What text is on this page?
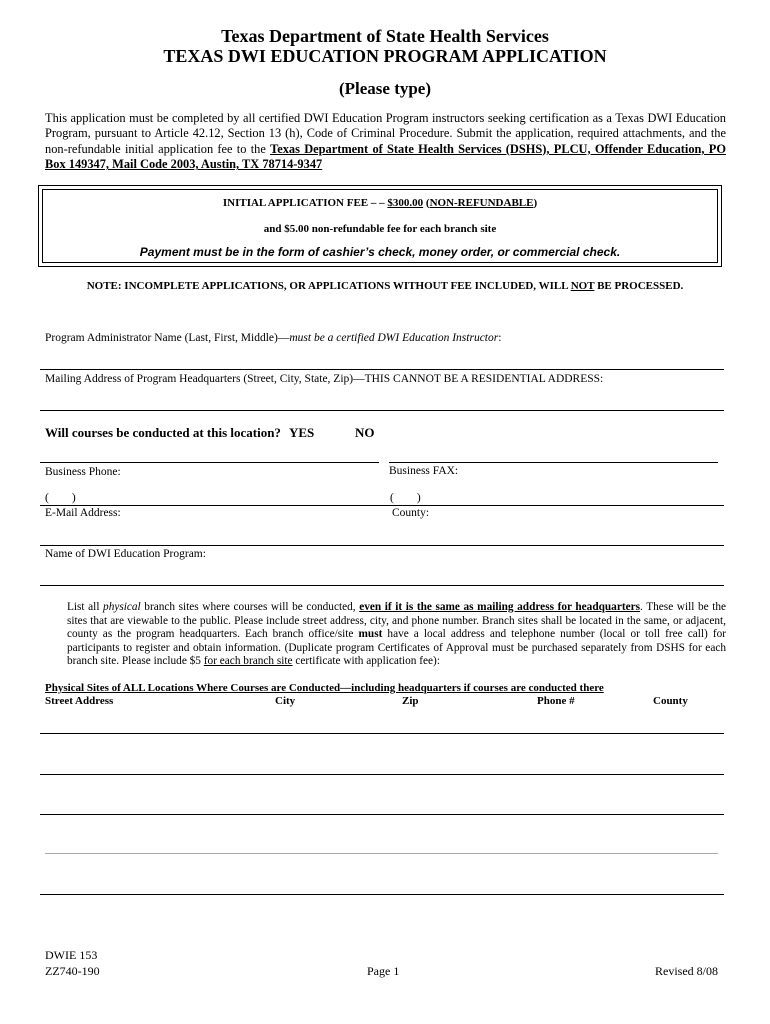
Texas Department of State Health Services
TEXAS DWI EDUCATION PROGRAM APPLICATION
(Please type)
This application must be completed by all certified DWI Education Program instructors seeking certification as a Texas DWI Education Program, pursuant to Article 42.12, Section 13 (h), Code of Criminal Procedure. Submit the application, required attachments, and the non-refundable initial application fee to the Texas Department of State Health Services (DSHS), PLCU, Offender Education, PO Box 149347, Mail Code 2003, Austin, TX 78714-9347
INITIAL APPLICATION FEE – – $300.00 (NON-REFUNDABLE)
and $5.00 non-refundable fee for each branch site
Payment must be in the form of cashier’s check, money order, or commercial check.
NOTE: INCOMPLETE APPLICATIONS, OR APPLICATIONS WITHOUT FEE INCLUDED, WILL NOT BE PROCESSED.
Program Administrator Name (Last, First, Middle)—must be a certified DWI Education Instructor:
Mailing Address of Program Headquarters (Street, City, State, Zip)—THIS CANNOT BE A RESIDENTIAL ADDRESS:
Will courses be conducted at this location? YES	NO
Business Phone:	Business FAX:
(        )	(        )
E-Mail Address:	County:
Name of DWI Education Program:
List all physical branch sites where courses will be conducted, even if it is the same as mailing address for headquarters. These will be the sites that are viewable to the public. Please include street address, city, and phone number. Branch sites shall be located in the same, or adjacent, county as the program headquarters. Each branch office/site must have a local address and telephone number (local or toll free call) for participants to register and obtain information. (Duplicate program Certificates of Approval must be purchased separately from DSHS for each branch site. Please include $5 for each branch site certificate with application fee):
Physical Sites of ALL Locations Where Courses are Conducted—including headquarters if courses are conducted there
Street Address	City	Zip	Phone #	County
DWIE 153
ZZ740-190	Page 1	Revised 8/08
